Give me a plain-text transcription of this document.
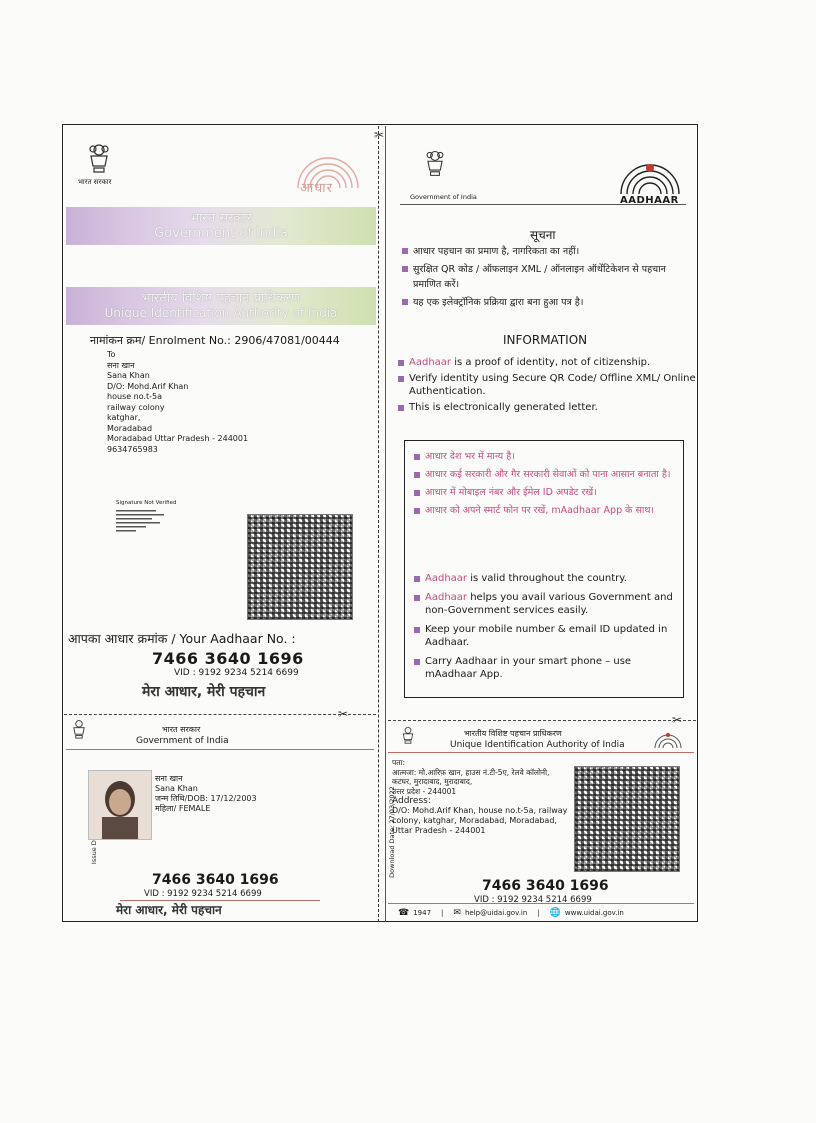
✂
भारत सरकार	आधार
भारत सरकार
Government of India
भारतीय विशिष्ट पहचान प्राधिकरण
Unique Identification Authority of India
नामांकन क्रम/ Enrolment No.: 2906/47081/00444
To
सना खान
Sana Khan
D/O: Mohd.Arif Khan
house no.t-5a
railway colony
katghar,
Moradabad
Moradabad Uttar Pradesh - 244001
9634765983
Signature Not Verified
आपका आधार क्रमांक / Your Aadhaar No. :
7466 3640 1696
VID : 9192 9234 5214 6699
मेरा आधार, मेरी पहचान
✂	✂
Government of India	AADHAAR
सूचना
आधार पहचान का प्रमाण है, नागरिकता का नहीं।
सुरक्षित QR कोड / ऑफलाइन XML / ऑनलाइन ऑथेंटिकेशन से पहचान प्रमाणित करें।
यह एक इलेक्ट्रॉनिक प्रक्रिया द्वारा बना हुआ पत्र है।
INFORMATION
Aadhaar is a proof of identity, not of citizenship.
Verify identity using Secure QR Code/ Offline XML/ Online Authentication.
This is electronically generated letter.
आधार देश भर में मान्य है।
आधार कई सरकारी और गैर सरकारी सेवाओं को पाना आसान बनाता है।
आधार में मोबाइल नंबर और ईमेल ID अपडेट रखें।
आधार को अपने स्मार्ट फोन पर रखें, mAadhaar App के साथ।
Aadhaar is valid throughout the country.
Aadhaar helps you avail various Government and non-Government services easily.
Keep your mobile number & email ID updated in Aadhaar.
Carry Aadhaar in your smart phone – use mAadhaar App.
भारत सरकार
Government of India
सना खान
Sana Khan
जन्म तिथि/DOB: 17/12/2003
महिला/ FEMALE
7466 3640 1696
VID : 9192 9234 5214 6699
मेरा आधार, मेरी पहचान
भारतीय विशिष्ट पहचान प्राधिकरण
Unique Identification Authority of India
Download Date: 27/03/2022
पता:
आत्मजा: मो.आरिफ़ खान, हाउस नं.टी-5ए, रेलवे कॉलोनी,
कटघर, मुरादाबाद, मुरादाबाद,
उत्तर प्रदेश - 244001
Address:
D/O: Mohd.Arif Khan, house no.t-5a, railway
colony, katghar, Moradabad, Moradabad,
Uttar Pradesh - 244001
7466 3640 1696
VID : 9192 9234 5214 6699
☎ 1947 | ✉ help@uidai.gov.in | 🌐 www.uidai.gov.in
